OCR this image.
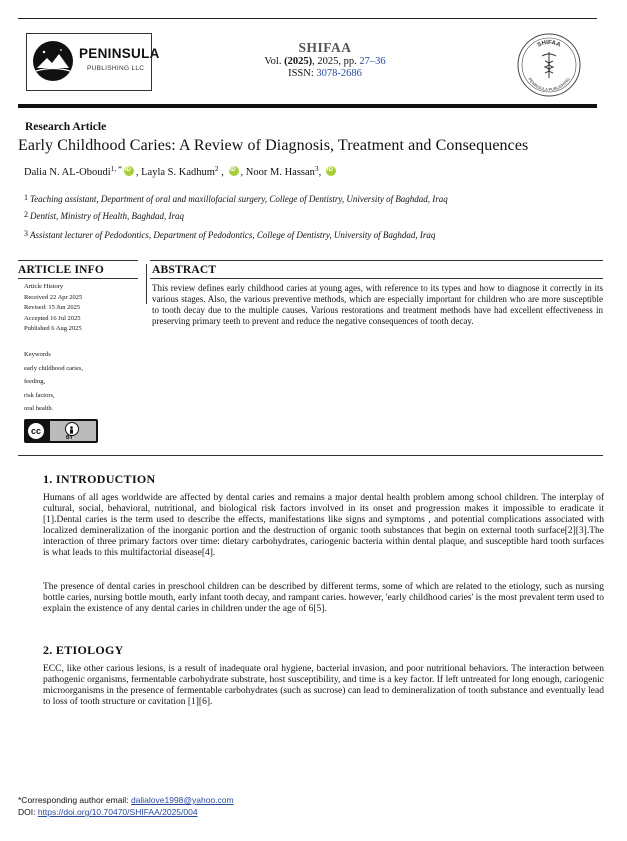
PENINSULA
PUBLISHING LLC
SHIFAA
Vol. (2025), 2025, pp. 27–36
ISSN: 3078-2686
SHIFAA
PENINSULA PUBLISHING
Research Article
Early Childhood Caries: A Review of Diagnosis, Treatment and Consequences
Dalia N. AL-Oboudi$^{1, *}$iD , Layla S. Kadhum$^2$ , iD, Noor M. Hassan$^3$, iD
$^1$ Teaching assistant, Department of oral and maxillofacial surgery, College of Dentistry, University of Baghdad, Iraq
$^2$ Dentist, Ministry of Health, Baghdad, Iraq
$^3$ Assistant lecturer of Pedodontics, Department of Pedodontics, College of Dentistry, University of Baghdad, Iraq
ARTICLE INFO
Article History
Received 22 Apr 2025
Revised: 15 Jun 2025
Accepted 16 Jul 2025
Published 6 Aug 2025
Keywords
early childhood caries,
feeding,
risk factors,
oral health.
cc
BY
ABSTRACT
This review defines early childhood caries at young ages, with reference to its types and how to diagnose it correctly in its various stages. Also, the various preventive methods, which are especially important for children who are more susceptible to tooth decay due to the multiple causes. Various restorations and treatment methods have had excellent effectiveness in preserving primary teeth to prevent and reduce the negative consequences of tooth decay.
1. INTRODUCTION
Humans of all ages worldwide are affected by dental caries and remains a major dental health problem among school children. The interplay of cultural, social, behavioral, nutritional, and biological risk factors involved in its onset and progression makes it impossible to eradicate it [1].Dental caries is the term used to describe the effects, manifestations like signs and symptoms , and potential complications associated with localized demineralization of the inorganic portion and the destruction of organic tooth substances that begin on external tooth surface[2][3].The interaction of three primary factors over time: dietary carbohydrates, cariogenic bacteria within dental plaque, and susceptible hard tooth surfaces is what leads to this multifactorial disease[4].
The presence of dental caries in preschool children can be described by different terms, some of which are related to the etiology, such as nursing bottle caries, nursing bottle mouth, early infant tooth decay, and rampant caries. however, 'early childhood caries' is the most prevalent term used to explain the existence of any dental caries in children under the age of 6[5].
2. ETIOLOGY
ECC, like other carious lesions, is a result of inadequate oral hygiene, bacterial invasion, and poor nutritional behaviors. The interaction between pathogenic organisms, fermentable carbohydrate substrate, host susceptibility, and time is a key factor. If left untreated for long enough, cariogenic microorganisms in the presence of fermentable carbohydrates (such as sucrose) can lead to demineralization of tooth substance and eventually lead to loss of tooth structure or cavitation [1][6].
*Corresponding author email: dalialove1998@yahoo.com
DOI: https://doi.org/10.70470/SHIFAA/2025/004
